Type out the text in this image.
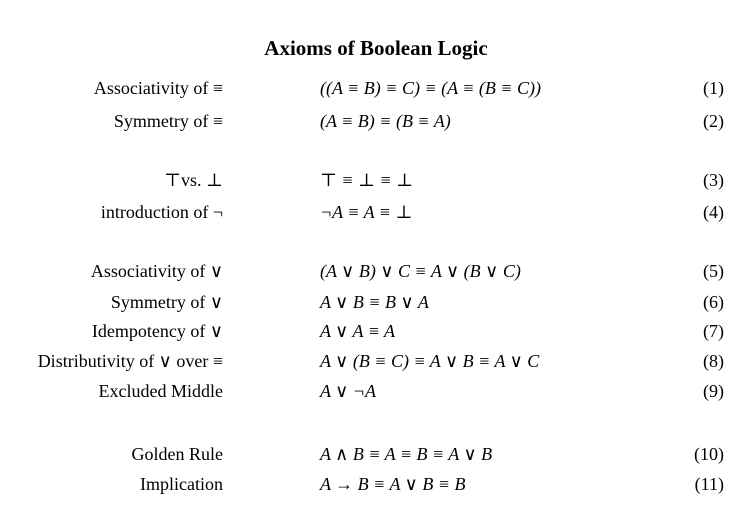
Axioms of Boolean Logic
Associativity of ≡	((A ≡ B) ≡ C) ≡ (A ≡ (B ≡ C))	(1)
Symmetry of ≡	(A ≡ B) ≡ (B ≡ A)	(2)
⊤vs. ⊥	⊤ ≡ ⊥ ≡ ⊥	(3)
introduction of ¬	¬A ≡ A ≡ ⊥	(4)
Associativity of ∨	(A ∨ B) ∨ C ≡ A ∨ (B ∨ C)	(5)
Symmetry of ∨	A ∨ B ≡ B ∨ A	(6)
Idempotency of ∨	A ∨ A ≡ A	(7)
Distributivity of ∨ over ≡	A ∨ (B ≡ C) ≡ A ∨ B ≡ A ∨ C	(8)
Excluded Middle	A ∨ ¬A	(9)
Golden Rule	A ∧ B ≡ A ≡ B ≡ A ∨ B	(10)
Implication	A → B ≡ A ∨ B ≡ B	(11)
